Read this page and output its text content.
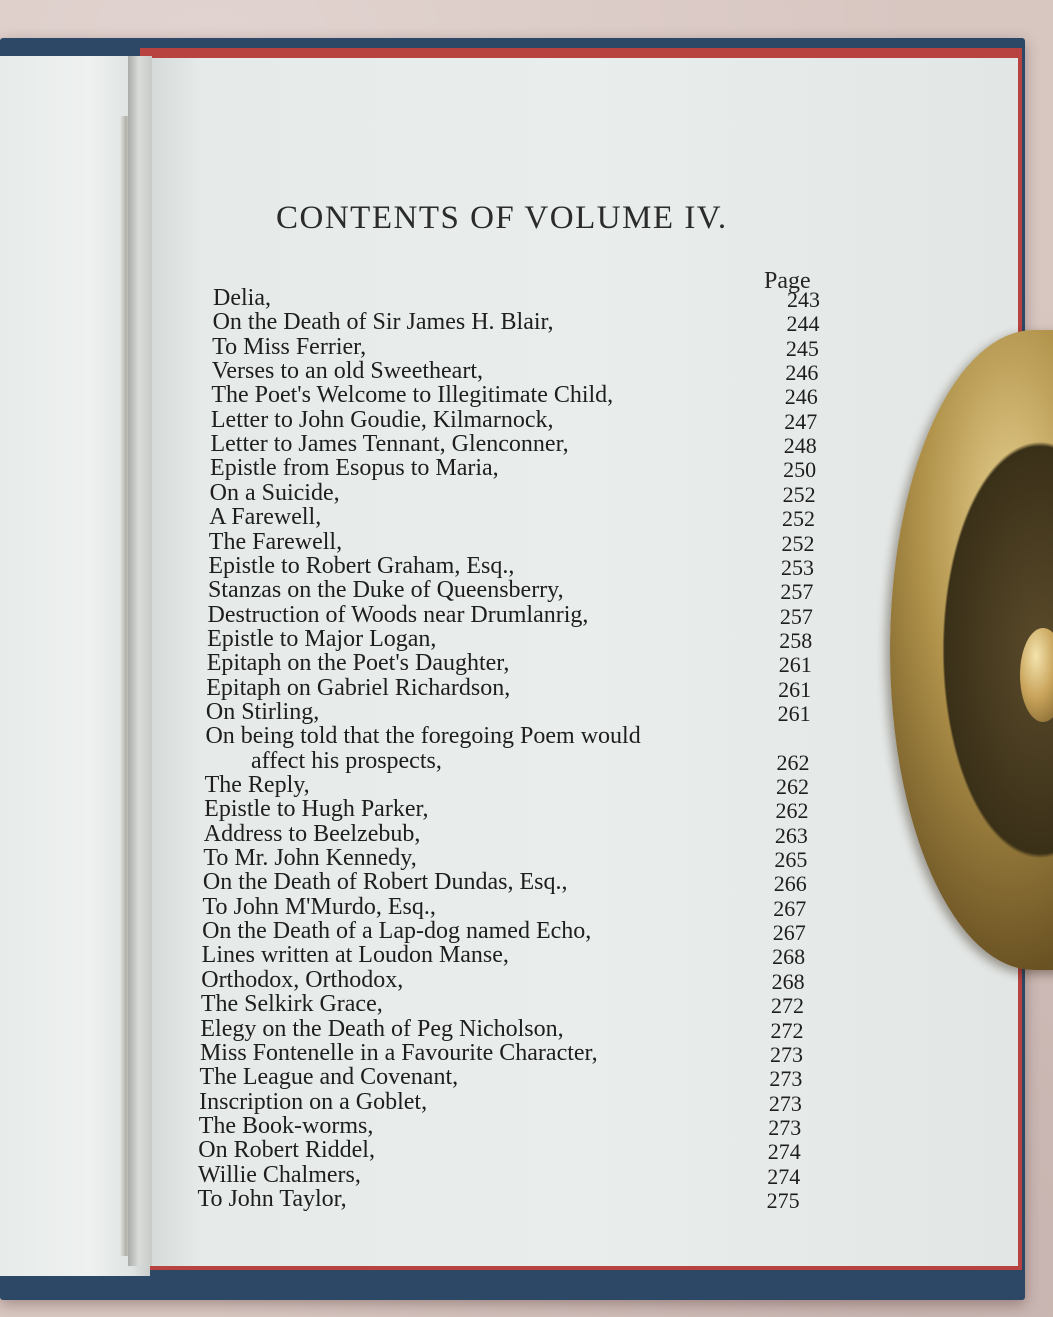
CONTENTS OF VOLUME IV.
Page
Delia,	243
On the Death of Sir James H. Blair,	244
To Miss Ferrier,	245
Verses to an old Sweetheart,	246
The Poet's Welcome to Illegitimate Child,	246
Letter to John Goudie, Kilmarnock,	247
Letter to James Tennant, Glenconner,	248
Epistle from Esopus to Maria,	250
On a Suicide,	252
A Farewell,	252
The Farewell,	252
Epistle to Robert Graham, Esq.,	253
Stanzas on the Duke of Queensberry,	257
Destruction of Woods near Drumlanrig,	257
Epistle to Major Logan,	258
Epitaph on the Poet's Daughter,	261
Epitaph on Gabriel Richardson,	261
On Stirling,	261
On being told that the foregoing Poem would
affect his prospects,	262
The Reply,	262
Epistle to Hugh Parker,	262
Address to Beelzebub,	263
To Mr. John Kennedy,	265
On the Death of Robert Dundas, Esq.,	266
To John M'Murdo, Esq.,	267
On the Death of a Lap-dog named Echo,	267
Lines written at Loudon Manse,	268
Orthodox, Orthodox,	268
The Selkirk Grace,	272
Elegy on the Death of Peg Nicholson,	272
Miss Fontenelle in a Favourite Character,	273
The League and Covenant,	273
Inscription on a Goblet,	273
The Book-worms,	273
On Robert Riddel,	274
Willie Chalmers,	274
To John Taylor,	275
